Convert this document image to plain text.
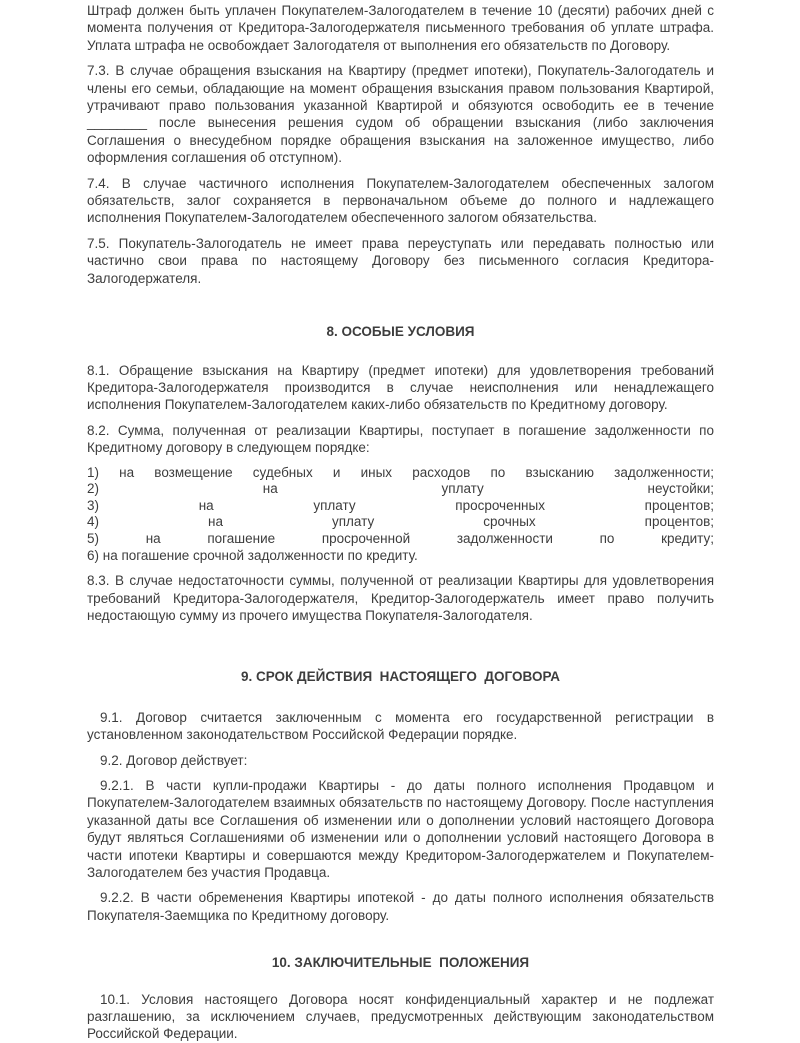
Штраф должен быть уплачен Покупателем-Залогодателем в течение 10 (десяти) рабочих дней с момента получения от Кредитора-Залогодержателя письменного требования об уплате штрафа. Уплата штрафа не освобождает Залогодателя от выполнения его обязательств по Договору.

7.3. В случае обращения взыскания на Квартиру (предмет ипотеки), Покупатель-Залогодатель и члены его семьи, обладающие на момент обращения взыскания правом пользования Квартирой, утрачивают право пользования указанной Квартирой и обязуются освободить ее в течение ________ после вынесения решения судом об обращении взыскания (либо заключения Соглашения о внесудебном порядке обращения взыскания на заложенное имущество, либо оформления соглашения об отступном).

7.4. В случае частичного исполнения Покупателем-Залогодателем обеспеченных залогом обязательств, залог сохраняется в первоначальном объеме до полного и надлежащего исполнения Покупателем-Залогодателем обеспеченного залогом обязательства.

7.5. Покупатель-Залогодатель не имеет права переуступать или передавать полностью или частично свои права по настоящему Договору без письменного согласия Кредитора-Залогодержателя.

8. ОСОБЫЕ УСЛОВИЯ

8.1. Обращение взыскания на Квартиру (предмет ипотеки) для удовлетворения требований Кредитора-Залогодержателя производится в случае неисполнения или ненадлежащего исполнения Покупателем-Залогодателем каких-либо обязательств по Кредитному договору.

8.2. Сумма, полученная от реализации Квартиры, поступает в погашение задолженности по Кредитному договору в следующем порядке:

1) на возмещение судебных и иных расходов по взысканию задолженности;
2) на уплату неустойки;
3) на уплату просроченных процентов;
4) на уплату срочных процентов;
5) на погашение просроченной задолженности по кредиту;
6) на погашение срочной задолженности по кредиту.

8.3. В случае недостаточности суммы, полученной от реализации Квартиры для удовлетворения требований Кредитора-Залогодержателя, Кредитор-Залогодержатель имеет право получить недостающую сумму из прочего имущества Покупателя-Залогодателя.

9. СРОК ДЕЙСТВИЯ  НАСТОЯЩЕГО  ДОГОВОРА

9.1. Договор считается заключенным с момента его государственной регистрации в установленном законодательством Российской Федерации порядке.

9.2. Договор действует:

9.2.1. В части купли-продажи Квартиры - до даты полного исполнения Продавцом и Покупателем-Залогодателем взаимных обязательств по настоящему Договору. После наступления указанной даты все Соглашения об изменении или о дополнении условий настоящего Договора будут являться Соглашениями об изменении или о дополнении условий настоящего Договора в части ипотеки Квартиры и совершаются между Кредитором-Залогодержателем и Покупателем-Залогодателем без участия Продавца.

9.2.2. В части обременения Квартиры ипотекой - до даты полного исполнения обязательств Покупателя-Заемщика по Кредитному договору.

10. ЗАКЛЮЧИТЕЛЬНЫЕ  ПОЛОЖЕНИЯ

10.1. Условия настоящего Договора носят конфиденциальный характер и не подлежат разглашению, за исключением случаев, предусмотренных действующим законодательством Российской Федерации.
